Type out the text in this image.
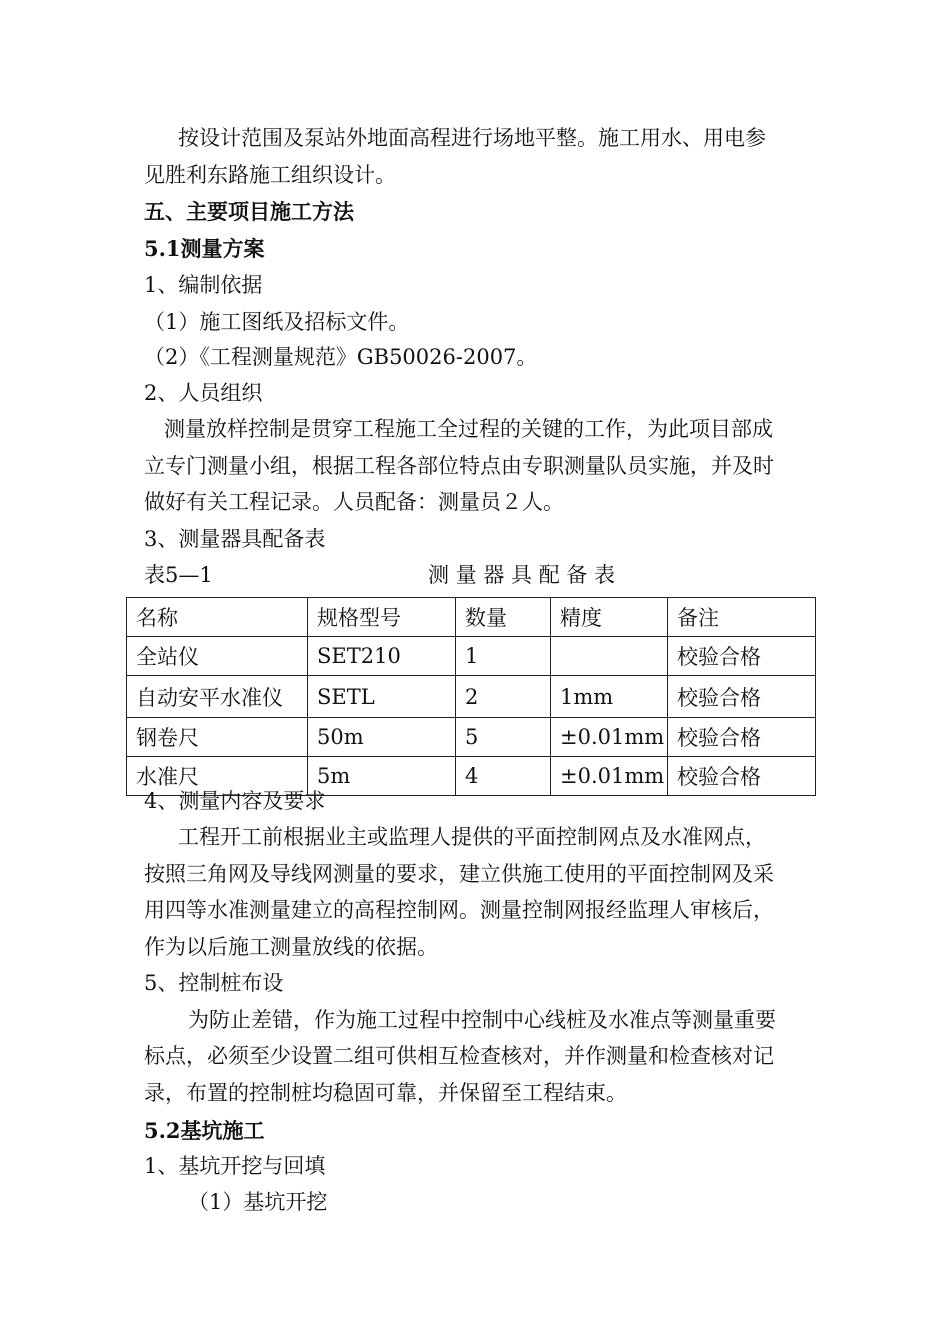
按设计范围及泵站外地面高程进行场地平整。施工用水、用电参
见胜利东路施工组织设计。
五、主要项目施工方法
5.1测量方案
1、编制依据
（1）施工图纸及招标文件。
（2）《工程测量规范》GB50026-2007。
2、人员组织
测量放样控制是贯穿工程施工全过程的关键的工作，为此项目部成
立专门测量小组，根据工程各部位特点由专职测量队员实施，并及时
做好有关工程记录。人员配备：测量员２人。
3、测量器具配备表
表5—1	测 量 器 具 配 备 表
名称	规格型号	数量	精度	备注
全站仪	SET210	1		校验合格
自动安平水准仪	SETL	2	1mm	校验合格
钢卷尺	50m	5	±0.01mm	校验合格
水准尺	5m	4	±0.01mm	校验合格
4、测量内容及要求
工程开工前根据业主或监理人提供的平面控制网点及水准网点，
按照三角网及导线网测量的要求，建立供施工使用的平面控制网及采
用四等水准测量建立的高程控制网。测量控制网报经监理人审核后，
作为以后施工测量放线的依据。
5、控制桩布设
为防止差错，作为施工过程中控制中心线桩及水准点等测量重要
标点，必须至少设置二组可供相互检查核对，并作测量和检查核对记
录，布置的控制桩均稳固可靠，并保留至工程结束。
5.2基坑施工
1、基坑开挖与回填
（1）基坑开挖
